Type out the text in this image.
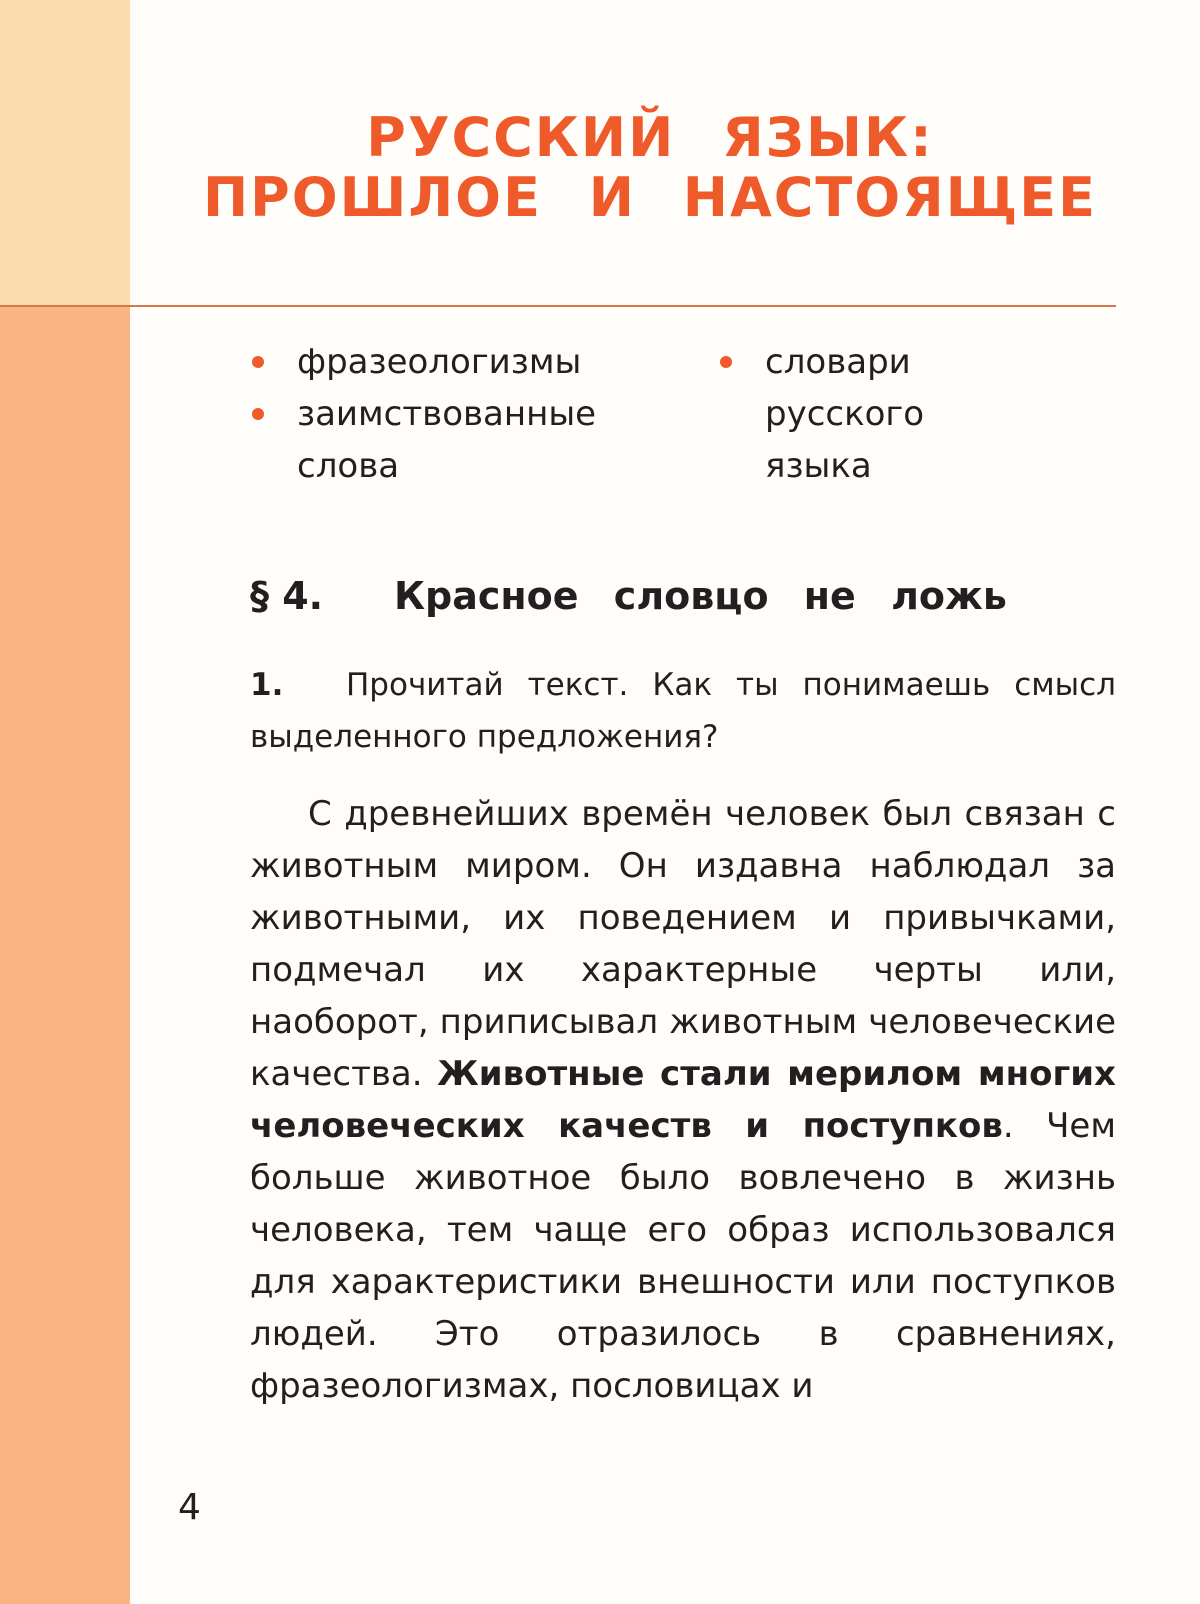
РУССКИЙ ЯЗЫК:
ПРОШЛОЕ И НАСТОЯЩЕЕ
фразеологизмы
заимствованные слова
словари русского языка
§ 4. Красное словцо не ложь

1. Прочитай текст. Как ты понимаешь смысл выделенного предложения?

С древнейших времён человек был связан с животным миром. Он издавна наблюдал за животными, их поведением и привычками, подмечал их характерные черты или, наоборот, приписывал животным человеческие качества. Животные стали мерилом многих человеческих качеств и поступков. Чем больше животное было вовлечено в жизнь человека, тем чаще его образ использовался для характеристики внешности или поступков людей. Это отразилось в сравнениях, фразеологизмах, пословицах и

4
